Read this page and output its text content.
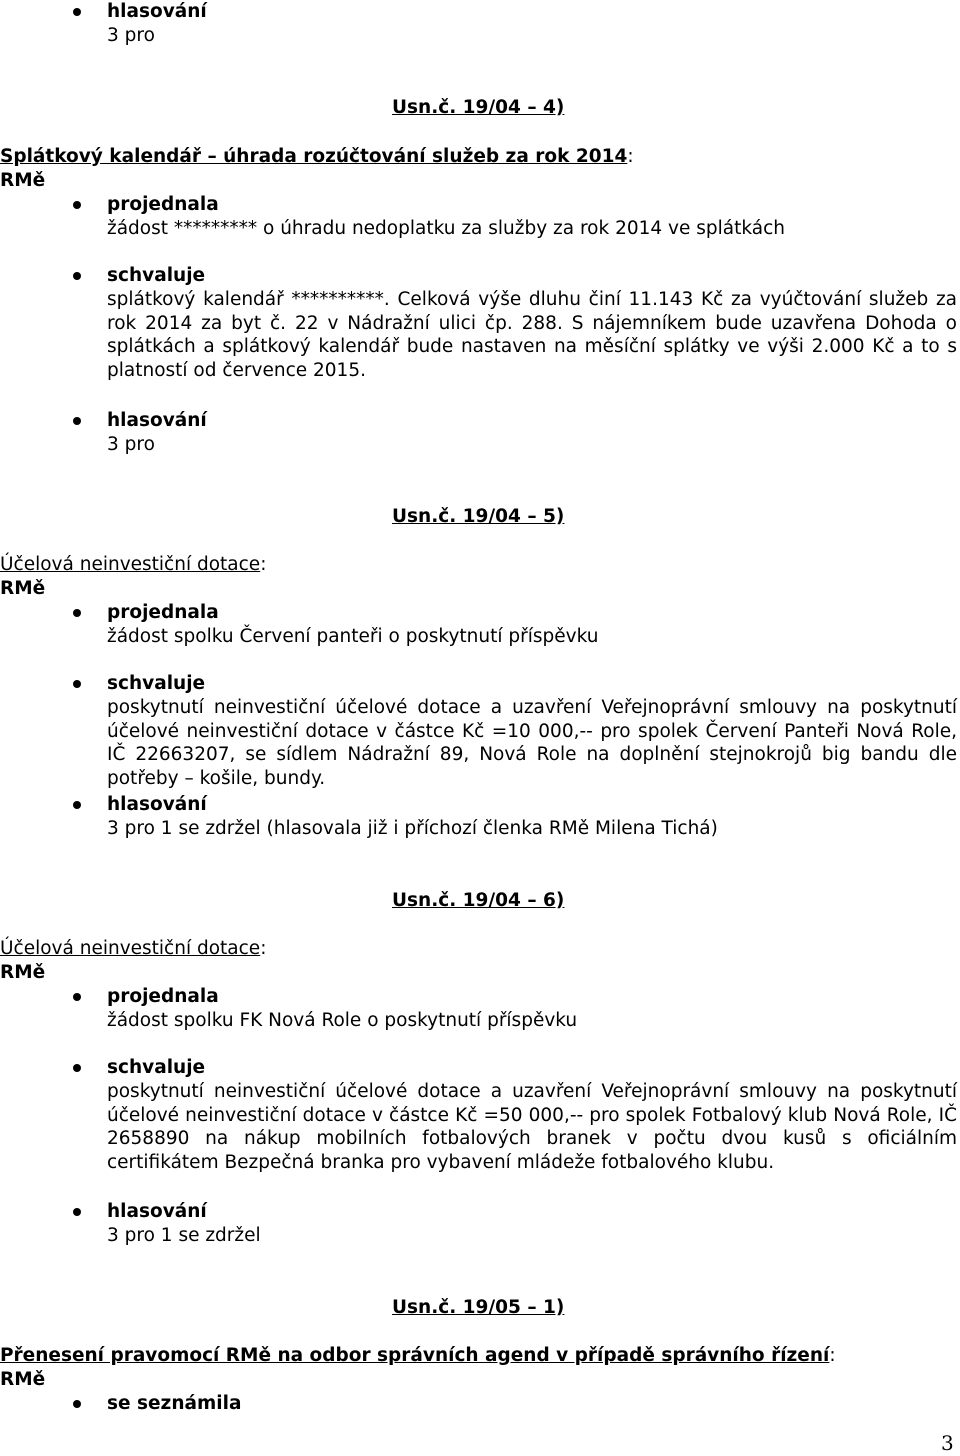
hlasování
3 pro
Usn.č. 19/04 – 4)
Splátkový kalendář – úhrada rozúčtování služeb za rok 2014:
RMě
projednala
žádost ********* o úhradu nedoplatku za služby za rok 2014 ve splátkách
schvaluje
splátkový kalendář **********. Celková výše dluhu činí 11.143 Kč za vyúčtování služeb za rok 2014 za byt č. 22 v Nádražní ulici čp. 288. S nájemníkem bude uzavřena Dohoda o splátkách a splátkový kalendář bude nastaven na měsíční splátky ve výši 2.000 Kč a to s platností od července 2015.
hlasování
3 pro
Usn.č. 19/04 – 5)
Účelová neinvestiční dotace:
RMě
projednala
žádost spolku Červení panteři o poskytnutí příspěvku
schvaluje
poskytnutí neinvestiční účelové dotace a uzavření Veřejnoprávní smlouvy na poskytnutí účelové neinvestiční dotace v částce Kč =10 000,-- pro spolek Červení Panteři Nová Role, IČ 22663207, se sídlem Nádražní 89, Nová Role na doplnění stejnokrojů big bandu dle potřeby – košile, bundy.
hlasování
3 pro 1 se zdržel (hlasovala již i příchozí členka RMě Milena Tichá)
Usn.č. 19/04 – 6)
Účelová neinvestiční dotace:
RMě
projednala
žádost spolku FK Nová Role o poskytnutí příspěvku
schvaluje
poskytnutí neinvestiční účelové dotace a uzavření Veřejnoprávní smlouvy na poskytnutí účelové neinvestiční dotace v částce Kč =50 000,-- pro spolek Fotbalový klub Nová Role, IČ 2658890 na nákup mobilních fotbalových branek v počtu dvou kusů s oficiálním certifikátem Bezpečná branka pro vybavení mládeže fotbalového klubu.
hlasování
3 pro 1 se zdržel
Usn.č. 19/05 – 1)
Přenesení pravomocí RMě na odbor správních agend v případě správního řízení:
RMě
se seznámila
3
